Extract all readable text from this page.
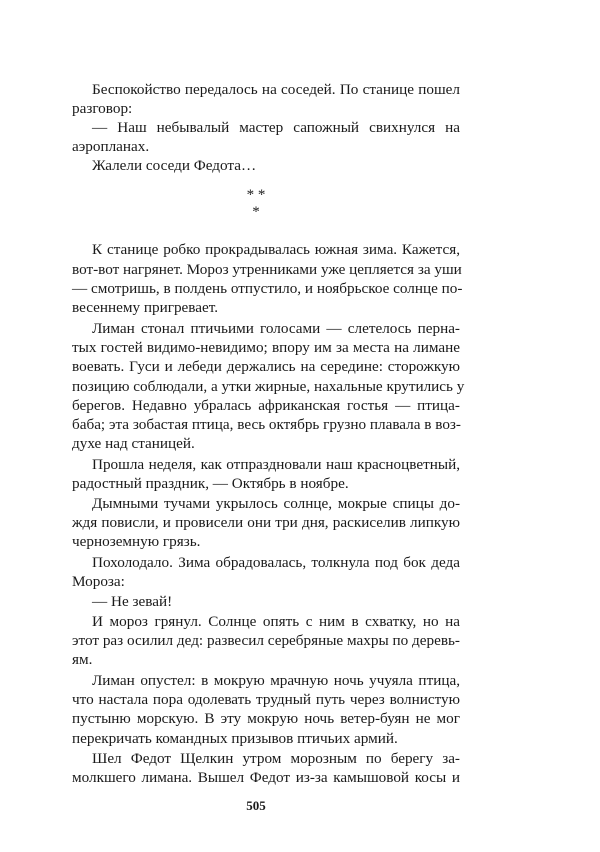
Беспокойство передалось на соседей. По станице пошел
разговор:
— Наш небывалый мастер сапожный свихнулся на
аэропланах.
Жалели соседи Федота…
* *
*
К станице робко прокрадывалась южная зима. Кажется,
вот-вот нагрянет. Мороз утренниками уже цепляется за уши
— смотришь, в полдень отпустило, и ноябрьское солнце по-
весеннему пригревает.
Лиман стонал птичьими голосами — слетелось перна-
тых гостей видимо-невидимо; впору им за места на лимане
воевать. Гуси и лебеди держались на середине: сторожкую
позицию соблюдали, а утки жирные, нахальные крутились у
берегов. Недавно убралась африканская гостья — птица-
баба; эта зобастая птица, весь октябрь грузно плавала в воз-
духе над станицей.
Прошла неделя, как отпраздновали наш красноцветный,
радостный праздник, — Октябрь в ноябре.
Дымными тучами укрылось солнце, мокрые спицы до-
ждя повисли, и провисели они три дня, раскиселив липкую
черноземную грязь.
Похолодало. Зима обрадовалась, толкнула под бок деда
Мороза:
— Не зевай!
И мороз грянул. Солнце опять с ним в схватку, но на
этот раз осилил дед: развесил серебряные махры по деревь-
ям.
Лиман опустел: в мокрую мрачную ночь учуяла птица,
что настала пора одолевать трудный путь через волнистую
пустыню морскую. В эту мокрую ночь ветер-буян не мог
перекричать командных призывов птичьих армий.
Шел Федот Щелкин утром морозным по берегу за-
молкшего лимана. Вышел Федот из-за камышовой косы и
505
